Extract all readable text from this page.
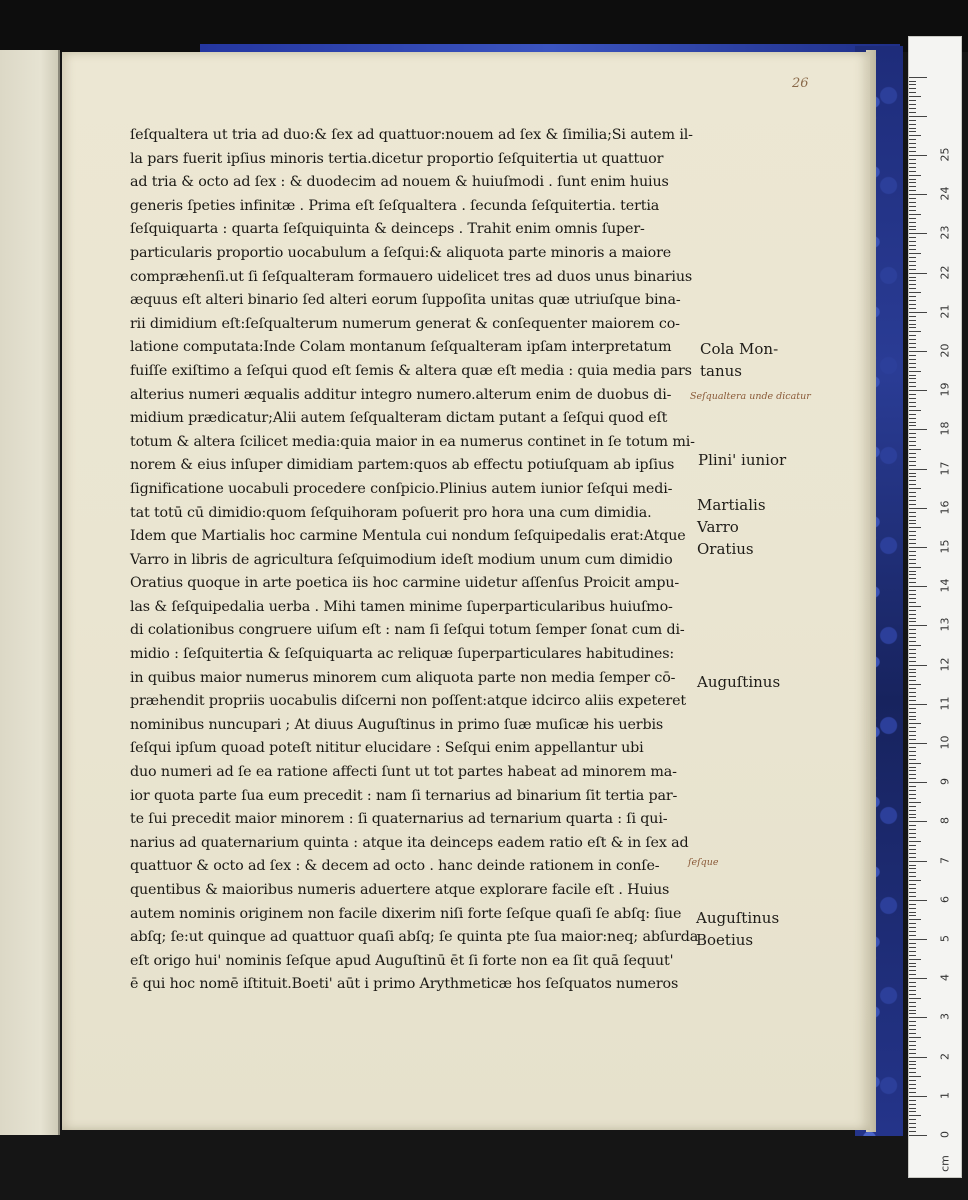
26
ſeſqualtera ut tria ad duo:& ſex ad quattuor:nouem ad ſex & ſimilia;Si autem il-
la pars fuerit ipſius minoris tertia.dicetur proportio ſeſquitertia ut quattuor
ad tria & octo ad ſex : & duodecim ad nouem & huiuſmodi . ſunt enim huius
generis ſpeties infinitæ . Prima eſt ſeſqualtera . ſecunda ſeſquitertia. tertia
ſeſquiquarta : quarta ſeſquiquinta & deinceps . Trahit enim omnis ſuper-
particularis proportio uocabulum a ſeſqui:& aliquota parte minoris a maiore
compræhenſi.ut ſi ſeſqualteram formauero uidelicet tres ad duos unus binarius
æquus eſt alteri binario ſed alteri eorum ſuppoſita unitas quæ utriuſque bina-
rii dimidium eſt:ſeſqualterum numerum generat & conſequenter maiorem co-
latione computata:Inde Colam montanum ſeſqualteram ipſam interpretatum
fuiſſe exiſtimo a ſeſqui quod eſt ſemis & altera quæ eſt media : quia media pars
alterius numeri æqualis additur integro numero.alterum enim de duobus di-
midium prædicatur;Alii autem ſeſqualteram dictam putant a ſeſqui quod eſt
totum & altera ſcilicet media:quia maior in ea numerus continet in ſe totum mi-
norem & eius inſuper dimidiam partem:quos ab effectu potiuſquam ab ipſius
ſignificatione uocabuli procedere conſpicio.Plinius autem iunior ſeſqui medi-
tat totū cū dimidio:quom ſeſquihoram poſuerit pro hora una cum dimidia.
Idem que Martialis hoc carmine Mentula cui nondum ſeſquipedalis erat:Atque
Varro in libris de agricultura ſeſquimodium ideſt modium unum cum dimidio
Oratius quoque in arte poetica iis hoc carmine uidetur aſſenſus Proicit ampu-
las & ſeſquipedalia uerba . Mihi tamen minime ſuperparticularibus huiuſmo-
di colationibus congruere uiſum eſt : nam ſi ſeſqui totum ſemper ſonat cum di-
midio : ſeſquitertia & ſeſquiquarta ac reliquæ ſuperparticulares habitudines:
in quibus maior numerus minorem cum aliquota parte non media ſemper cō-
præhendit propriis uocabulis diſcerni non poſſent:atque idcirco aliis expeteret
nominibus nuncupari ; At diuus Auguſtinus in primo ſuæ muſicæ his uerbis
ſeſqui ipſum quoad poteſt nititur elucidare : Seſqui enim appellantur ubi
duo numeri ad ſe ea ratione affecti ſunt ut tot partes habeat ad minorem ma-
ior quota parte ſua eum precedit : nam ſi ternarius ad binarium ſit tertia par-
te ſui precedit maior minorem : ſi quaternarius ad ternarium quarta : ſi qui-
narius ad quaternarium quinta : atque ita deinceps eadem ratio eſt & in ſex ad
quattuor & octo ad ſex : & decem ad octo . hanc deinde rationem in conſe-
quentibus & maioribus numeris aduertere atque explorare facile eſt . Huius
autem nominis originem non facile dixerim niſi forte ſeſque quaſi ſe abſq: ſiue
abſq; ſe:ut quinque ad quattuor quaſi abſq; ſe quinta pte ſua maior:neq; abſurda
eſt origo hui' nominis ſeſque apud Auguſtinū ēt ſi forte non ea ſit quā ſequut'
ē qui hoc nomē iſtituit.Boeti' aūt i primo Arythmeticæ hos ſeſquatos numeros
Cola Mon-
tanus
Seſqualtera unde dicatur
Plini' iunior
Martialis
Varro
Oratius
Auguſtinus
ſeſque
Auguſtinus
Boetius
0
1
2
3
4
5
6
7
8
9
10
11
12
13
14
15
16
17
18
19
20
21
22
23
24
25
cm
